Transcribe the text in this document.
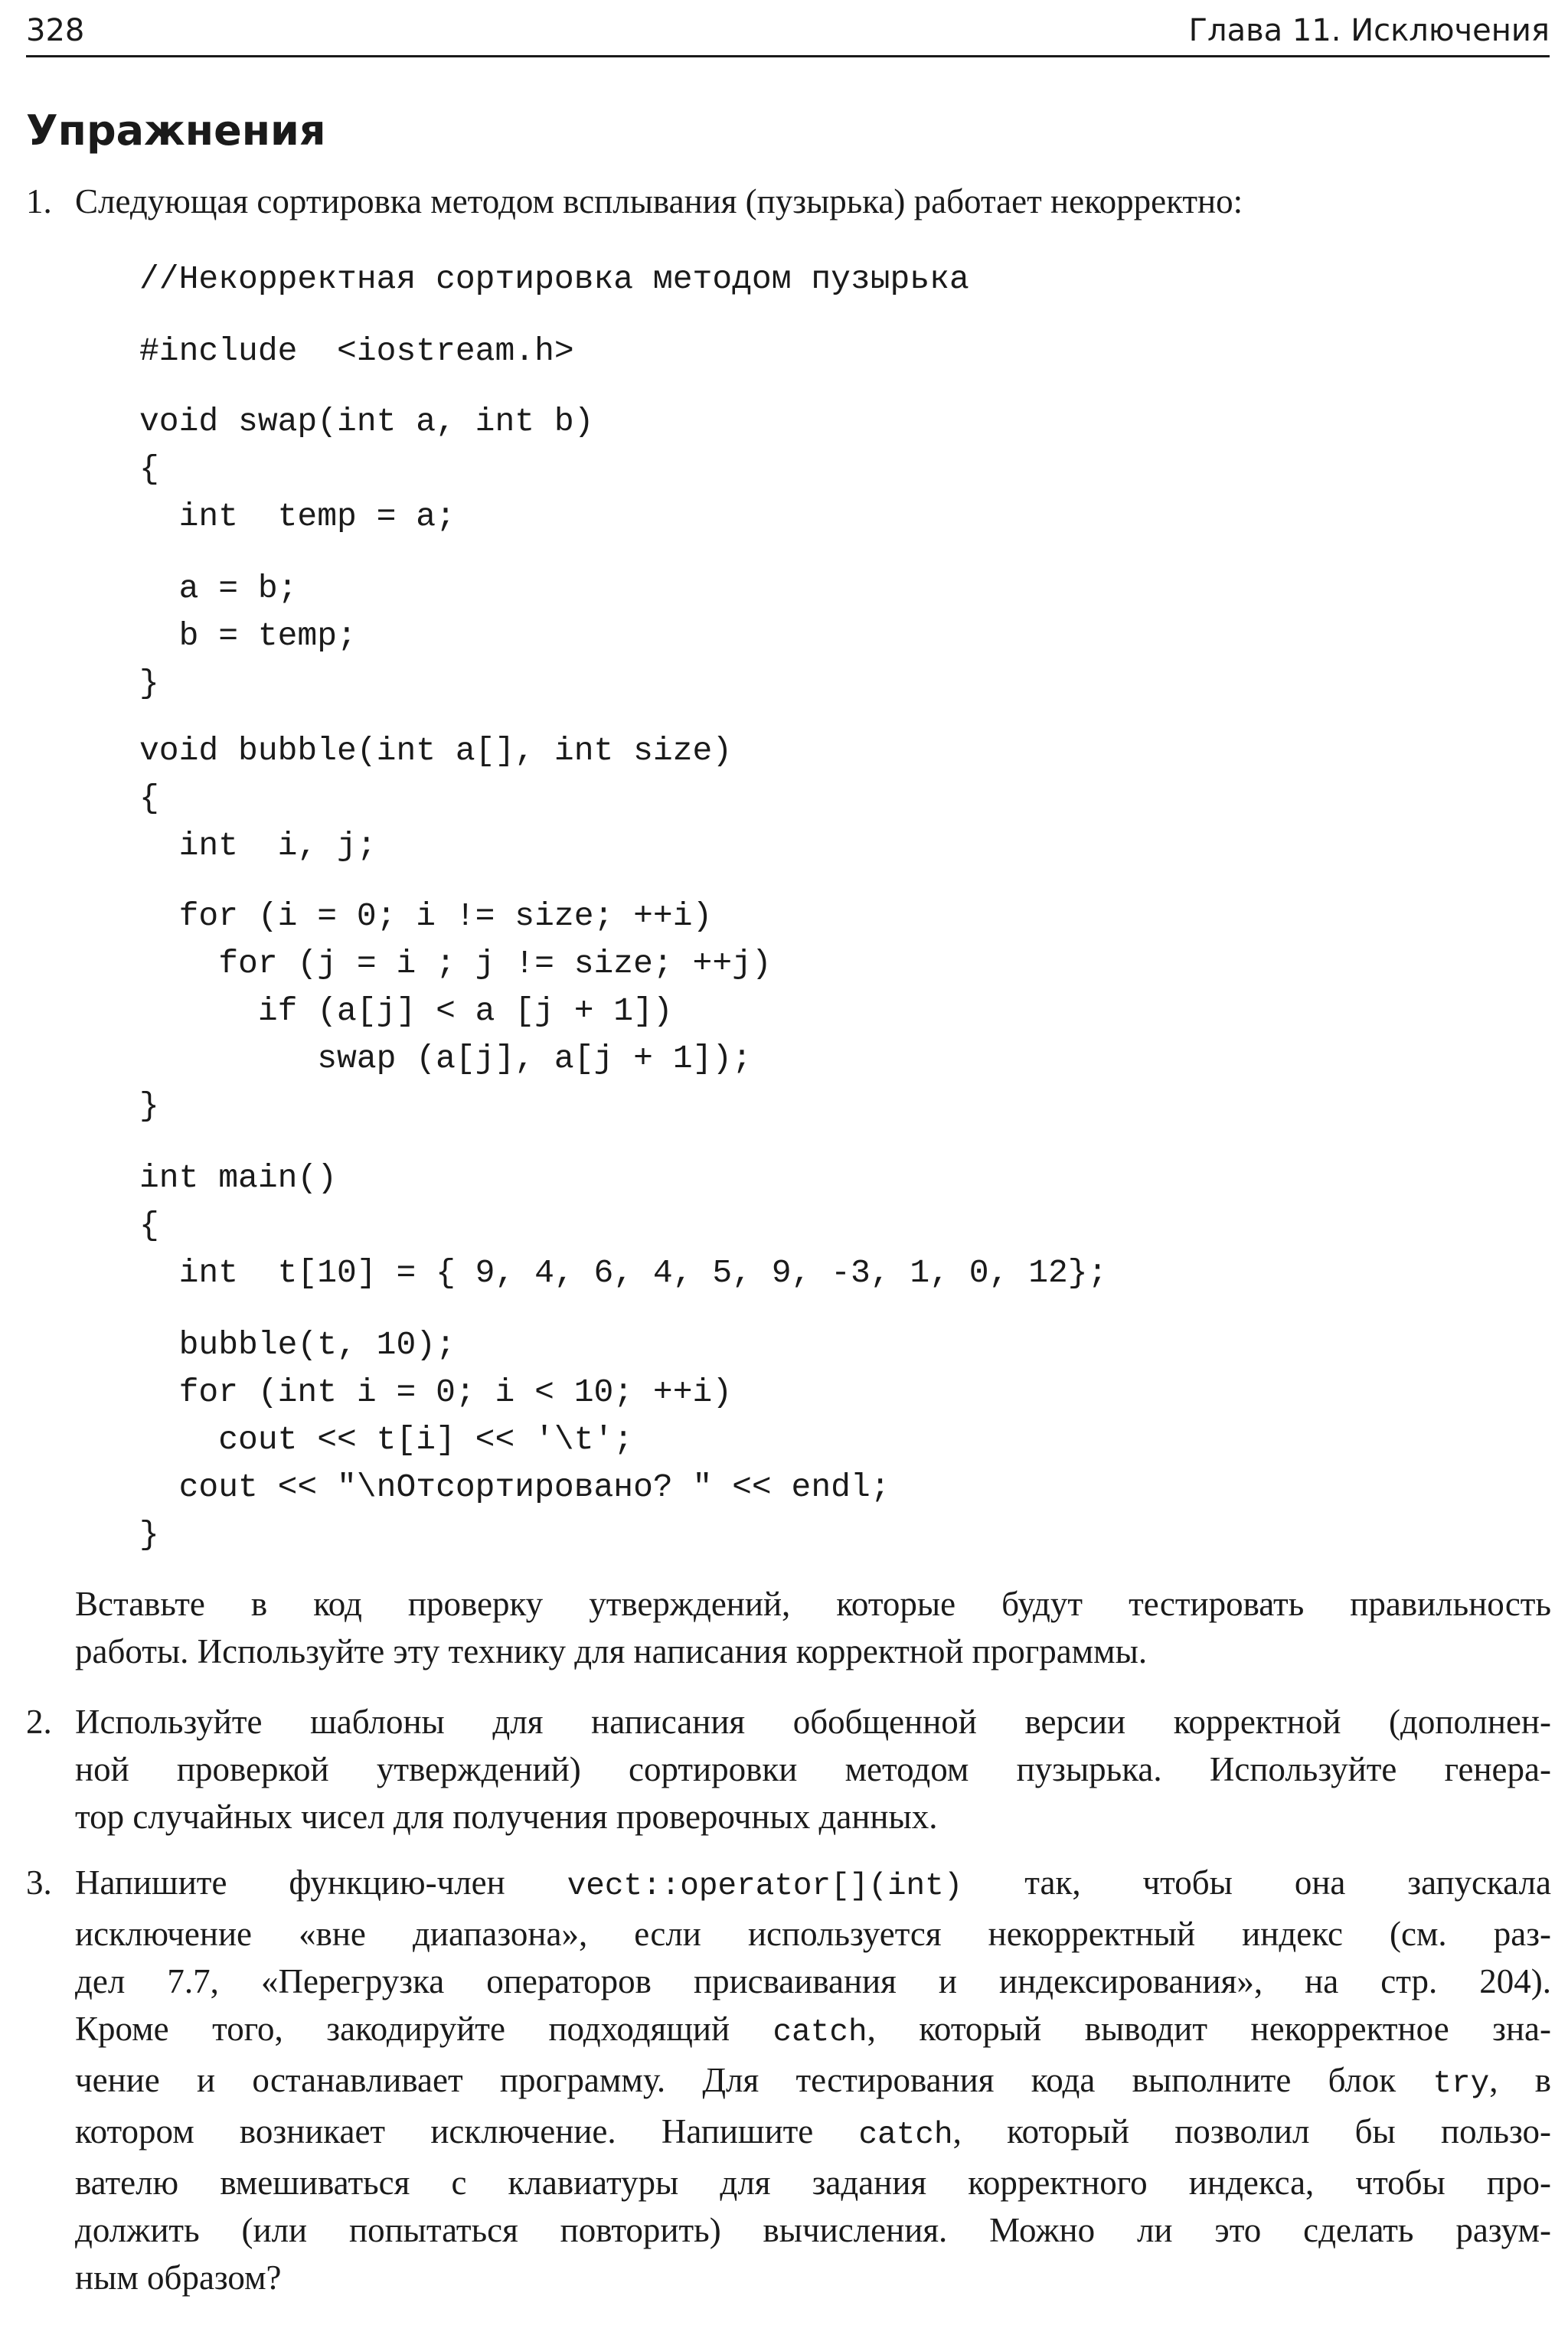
328	Глава 11. Исключения
Упражнения
1. Следующая сортировка методом всплывания (пузырька) работает некорректно:
//Некорректная сортировка методом пузырька
#include  <iostream.h>
void swap(int a, int b)
{
int  temp = a;
a = b;
b = temp;
}
void bubble(int a[], int size)
{
int  i, j;
for (i = 0; i != size; ++i)
for (j = i ; j != size; ++j)
if (a[j] < a [j + 1])
swap (a[j], a[j + 1]);
}
int main()
{
int  t[10] = { 9, 4, 6, 4, 5, 9, -3, 1, 0, 12};
bubble(t, 10);
for (int i = 0; i < 10; ++i)
cout << t[i] << '\t';
cout << "\nОтсортировано? " << endl;
}
Вставьте в код проверку утверждений, которые будут тестировать правильность
работы. Используйте эту технику для написания корректной программы.
2. Используйте шаблоны для написания обобщенной версии корректной (дополнен-
ной проверкой утверждений) сортировки методом пузырька. Используйте генера-
тор случайных чисел для получения проверочных данных.
3. Напишите функцию-член vect::operator[](int) так, чтобы она запускала
исключение «вне диапазона», если используется некорректный индекс (см. раз-
дел 7.7, «Перегрузка операторов присваивания и индексирования», на стр. 204).
Кроме того, закодируйте подходящий catch, который выводит некорректное зна-
чение и останавливает программу. Для тестирования кода выполните блок try, в
котором возникает исключение. Напишите catch, который позволил бы пользо-
вателю вмешиваться с клавиатуры для задания корректного индекса, чтобы про-
должить (или попытаться повторить) вычисления. Можно ли это сделать разум-
ным образом?
